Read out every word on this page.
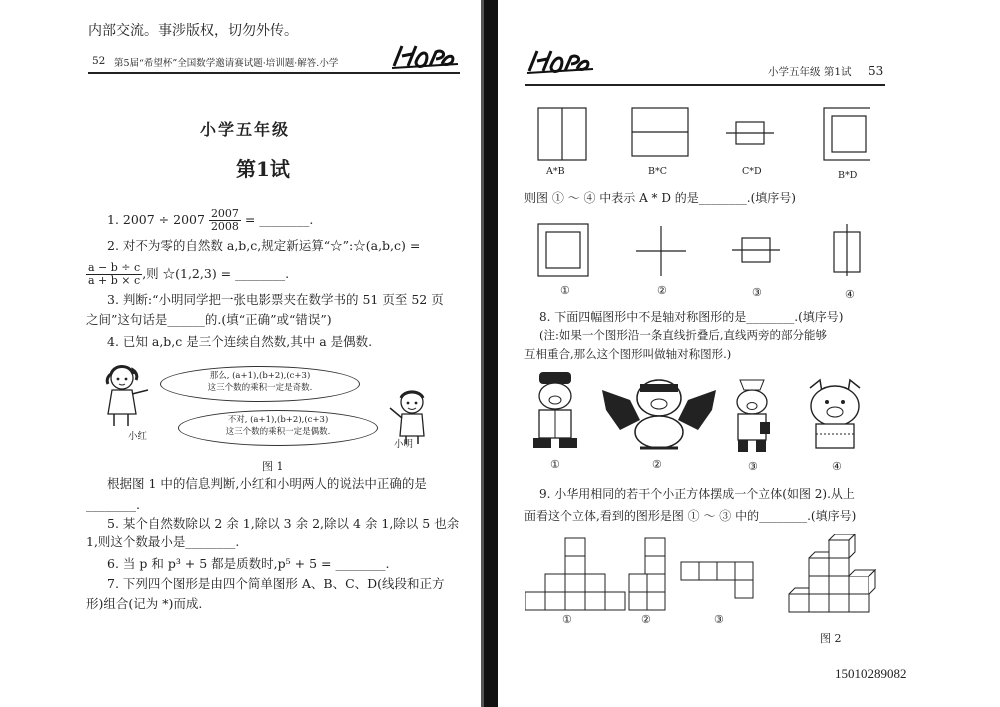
内部交流。事涉版权，切勿外传。
52 第5届“希望杯”全国数学邀请赛试题·培训题·解答.小学
小学五年级
第1试
1. $2007 \div 2007 \frac{2007}{2008}$ = ________.
2. 对不为零的自然数 a,b,c,规定新运算“☆”:☆(a,b,c) =
$\frac{a - b \div c}{a + b \times c}$ ,则 ☆(1,2,3) = ________.
3. 判断:“小明同学把一张电影票夹在数学书的 51 页至 52 页
之间”这句话是______的.(填“正确”或“错误”)
4. 已知 a,b,c 是三个连续自然数,其中 a 是偶数.
小红
那么, (a+1),(b+2),(c+3)
这三个数的乘积一定是奇数.
不对, (a+1),(b+2),(c+3)
这三个数的乘积一定是偶数.
小明
图 1
根据图 1 中的信息判断,小红和小明两人的说法中正确的是
________.
5. 某个自然数除以 2 余 1,除以 3 余 2,除以 4 余 1,除以 5 也余
1,则这个数最小是________.
6. 当 p 和 p³ + 5 都是质数时,p⁵ + 5 = ________.
7. 下列四个图形是由四个简单图形 A、B、C、D(线段和正方
形)组合(记为 *)而成.
小学五年级 第1试 53
A*B	B*C	C*D	B*D
则图 ① ～ ④ 中表示 A * D 的是________.(填序号)
①	②	③	④
8. 下面四幅图形中不是轴对称图形的是________.(填序号)
(注:如果一个图形沿一条直线折叠后,直线两旁的部分能够
互相重合,那么这个图形叫做轴对称图形.)
①	②	③	④
9. 小华用相同的若干个小正方体摆成一个立体(如图 2).从上
面看这个立体,看到的图形是图 ① ～ ③ 中的________.(填序号)
①	②	③
图 2
15010289082
